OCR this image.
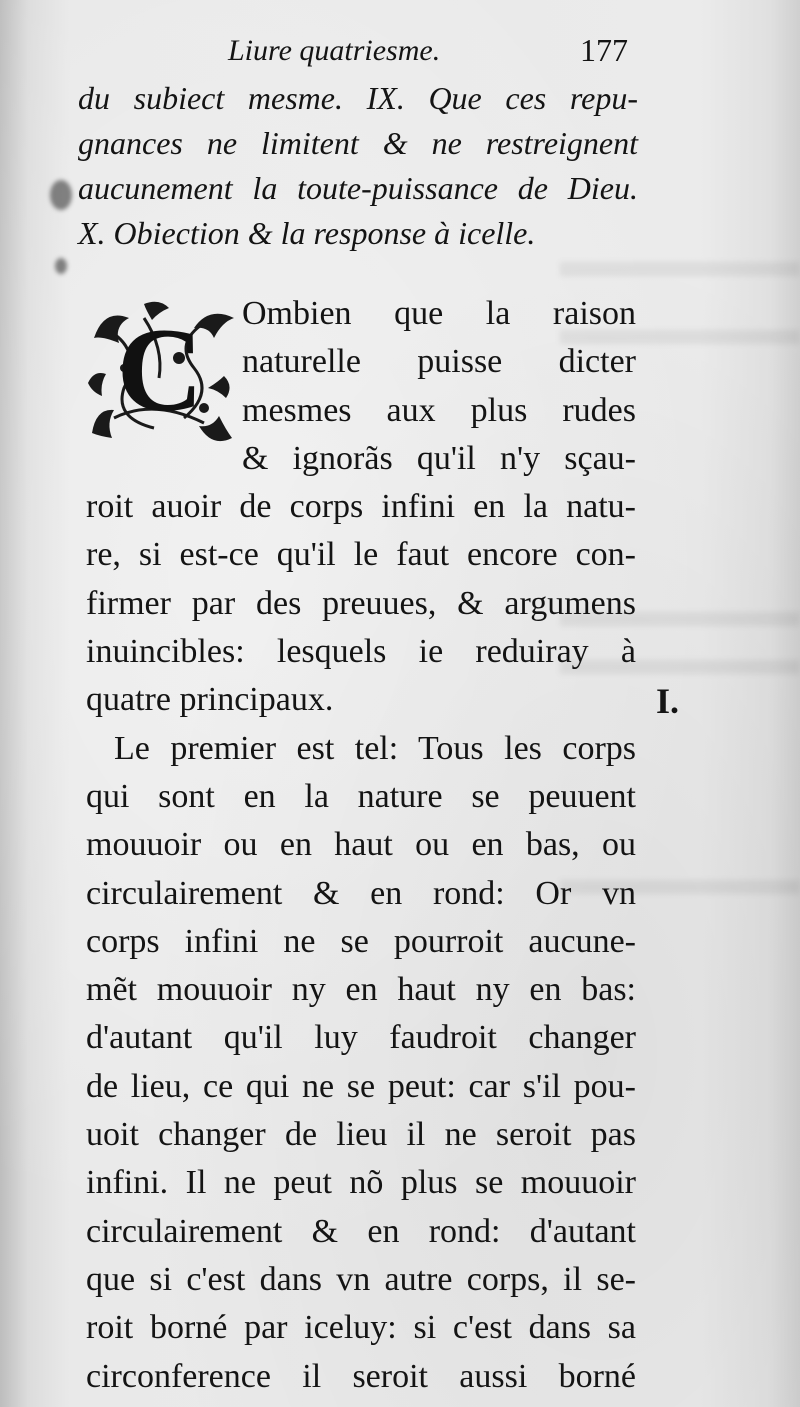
Liure quatriesme.	177
du subiect mesme. IX. Que ces repu-
gnances ne limitent & ne restreignent
aucunement la toute-puissance de Dieu.
X. Obiection & la response à icelle.
C	Ombien que la raison
naturelle puisse dicter
mesmes aux plus rudes
& ignorãs qu'il n'y sçau-
roit auoir de corps infini en la natu-
re, si est-ce qu'il le faut encore con-
firmer par des preuues, & argumens
inuincibles: lesquels ie reduiray à
quatre principaux.
Le premier est tel: Tous les corps
qui sont en la nature se peuuent
mouuoir ou en haut ou en bas, ou
circulairement & en rond: Or vn
corps infini ne se pourroit aucune-
mẽt mouuoir ny en haut ny en bas:
d'autant qu'il luy faudroit changer
de lieu, ce qui ne se peut: car s'il pou-
uoit changer de lieu il ne seroit pas
infini. Il ne peut nõ plus se mouuoir
circulairement & en rond: d'autant
que si c'est dans vn autre corps, il se-
roit borné par iceluy: si c'est dans sa
circonference il seroit aussi borné
I.
